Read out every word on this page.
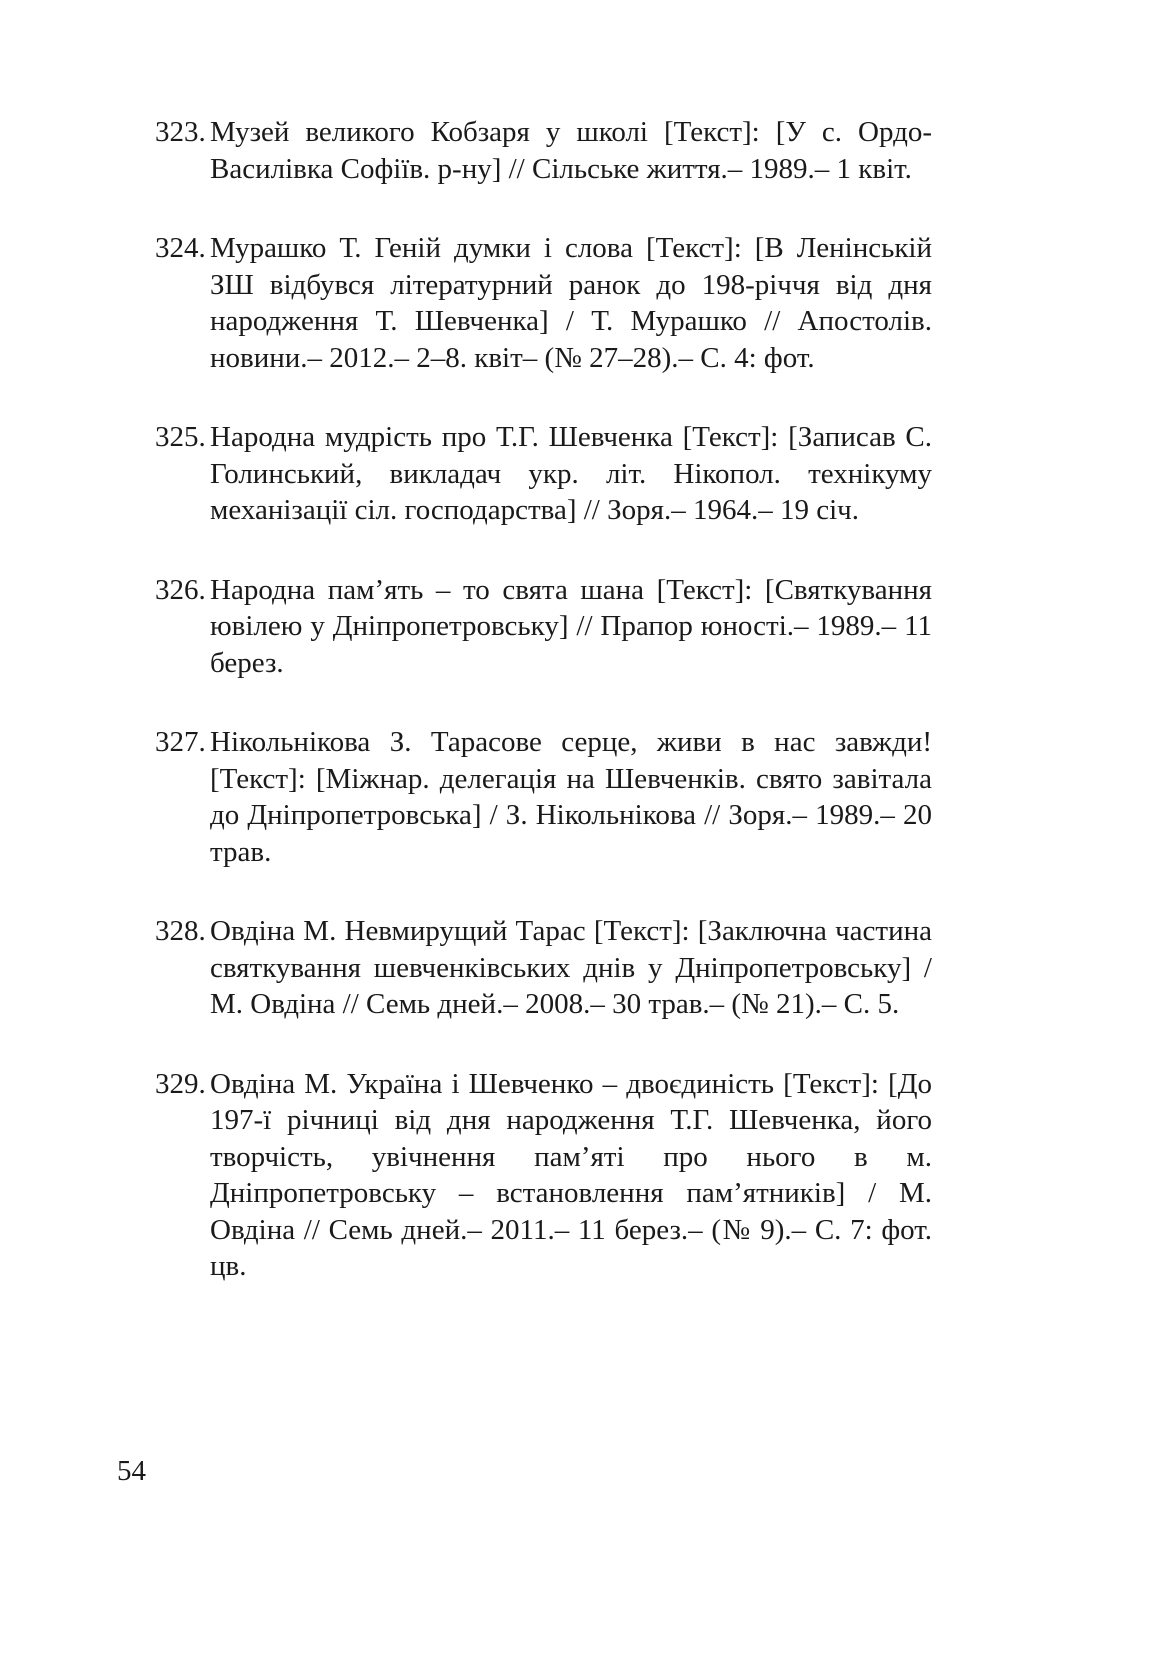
323. Музей великого Кобзаря у школі [Текст]: [У с. Ордо-Василівка Софіїв. р-ну] // Сільське життя.– 1989.– 1 квіт.
324. Мурашко Т. Геній думки і слова [Текст]: [В Ленінській ЗШ відбувся літературний ранок до 198-річчя від дня народження Т. Шевченка] / Т. Мурашко // Апостолів. новини.– 2012.– 2–8. квіт– (№ 27–28).– С. 4: фот.
325. Народна мудрість про Т.Г. Шевченка [Текст]: [Записав С. Голинський, викладач укр. літ. Нікопол. технікуму механізації сіл. господарства] // Зоря.– 1964.– 19 січ.
326. Народна пам’ять – то свята шана [Текст]: [Святкування ювілею у Дніпропетровську] // Прапор юності.– 1989.– 11 берез.
327. Нікольнікова З. Тарасове серце, живи в нас завжди! [Текст]: [Міжнар. делегація на Шевченків. свято завітала до Дніпропетровська] / З. Нікольнікова // Зоря.– 1989.– 20 трав.
328. Овдіна М. Невмирущий Тарас [Текст]: [Заключна частина святкування шевченківських днів у Дніпропетровську] / М. Овдіна // Семь дней.– 2008.– 30 трав.– (№ 21).– С. 5.
329. Овдіна М. Україна і Шевченко – двоєдиність [Текст]: [До 197-ї річниці від дня народження Т.Г. Шевченка, його творчість, увічнення пам’яті про нього в м. Дніпропетровську – встановлення пам’ятників] / М. Овдіна // Семь дней.– 2011.– 11 берез.– (№ 9).– С. 7: фот. цв.
54
